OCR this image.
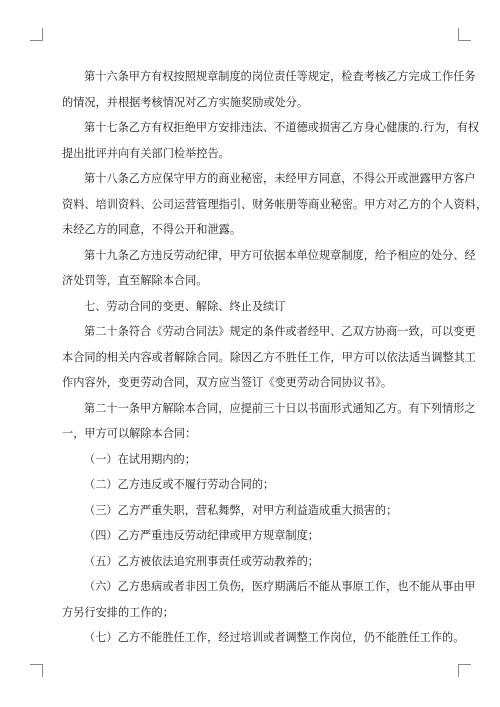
第十六条甲方有权按照规章制度的岗位责任等规定，检查考核乙方完成工作任务
的情况，并根据考核情况对乙方实施奖励或处分。
第十七条乙方有权拒绝甲方安排违法、不道德或损害乙方身心健康的.行为，有权
提出批评并向有关部门检举控告。
第十八条乙方应保守甲方的商业秘密，未经甲方同意，不得公开或泄露甲方客户
资料、培训资料、公司运营管理指引、财务帐册等商业秘密。甲方对乙方的个人资料，
未经乙方的同意，不得公开和泄露。
第十九条乙方违反劳动纪律，甲方可依据本单位规章制度，给予相应的处分、经
济处罚等，直至解除本合同。
七、劳动合同的变更、解除、终止及续订
第二十条符合《劳动合同法》规定的条件或者经甲、乙双方协商一致，可以变更
本合同的相关内容或者解除合同。除因乙方不胜任工作，甲方可以依法适当调整其工
作内容外，变更劳动合同，双方应当签订《变更劳动合同协议书》。
第二十一条甲方解除本合同，应提前三十日以书面形式通知乙方。有下列情形之
一，甲方可以解除本合同：
（一）在试用期内的；
（二）乙方违反或不履行劳动合同的；
（三）乙方严重失职，营私舞弊，对甲方利益造成重大损害的；
（四）乙方严重违反劳动纪律或甲方规章制度；
（五）乙方被依法追究刑事责任或劳动教养的；
（六）乙方患病或者非因工负伤，医疗期满后不能从事原工作，也不能从事由甲
方另行安排的工作的；
（七）乙方不能胜任工作，经过培训或者调整工作岗位，仍不能胜任工作的。
